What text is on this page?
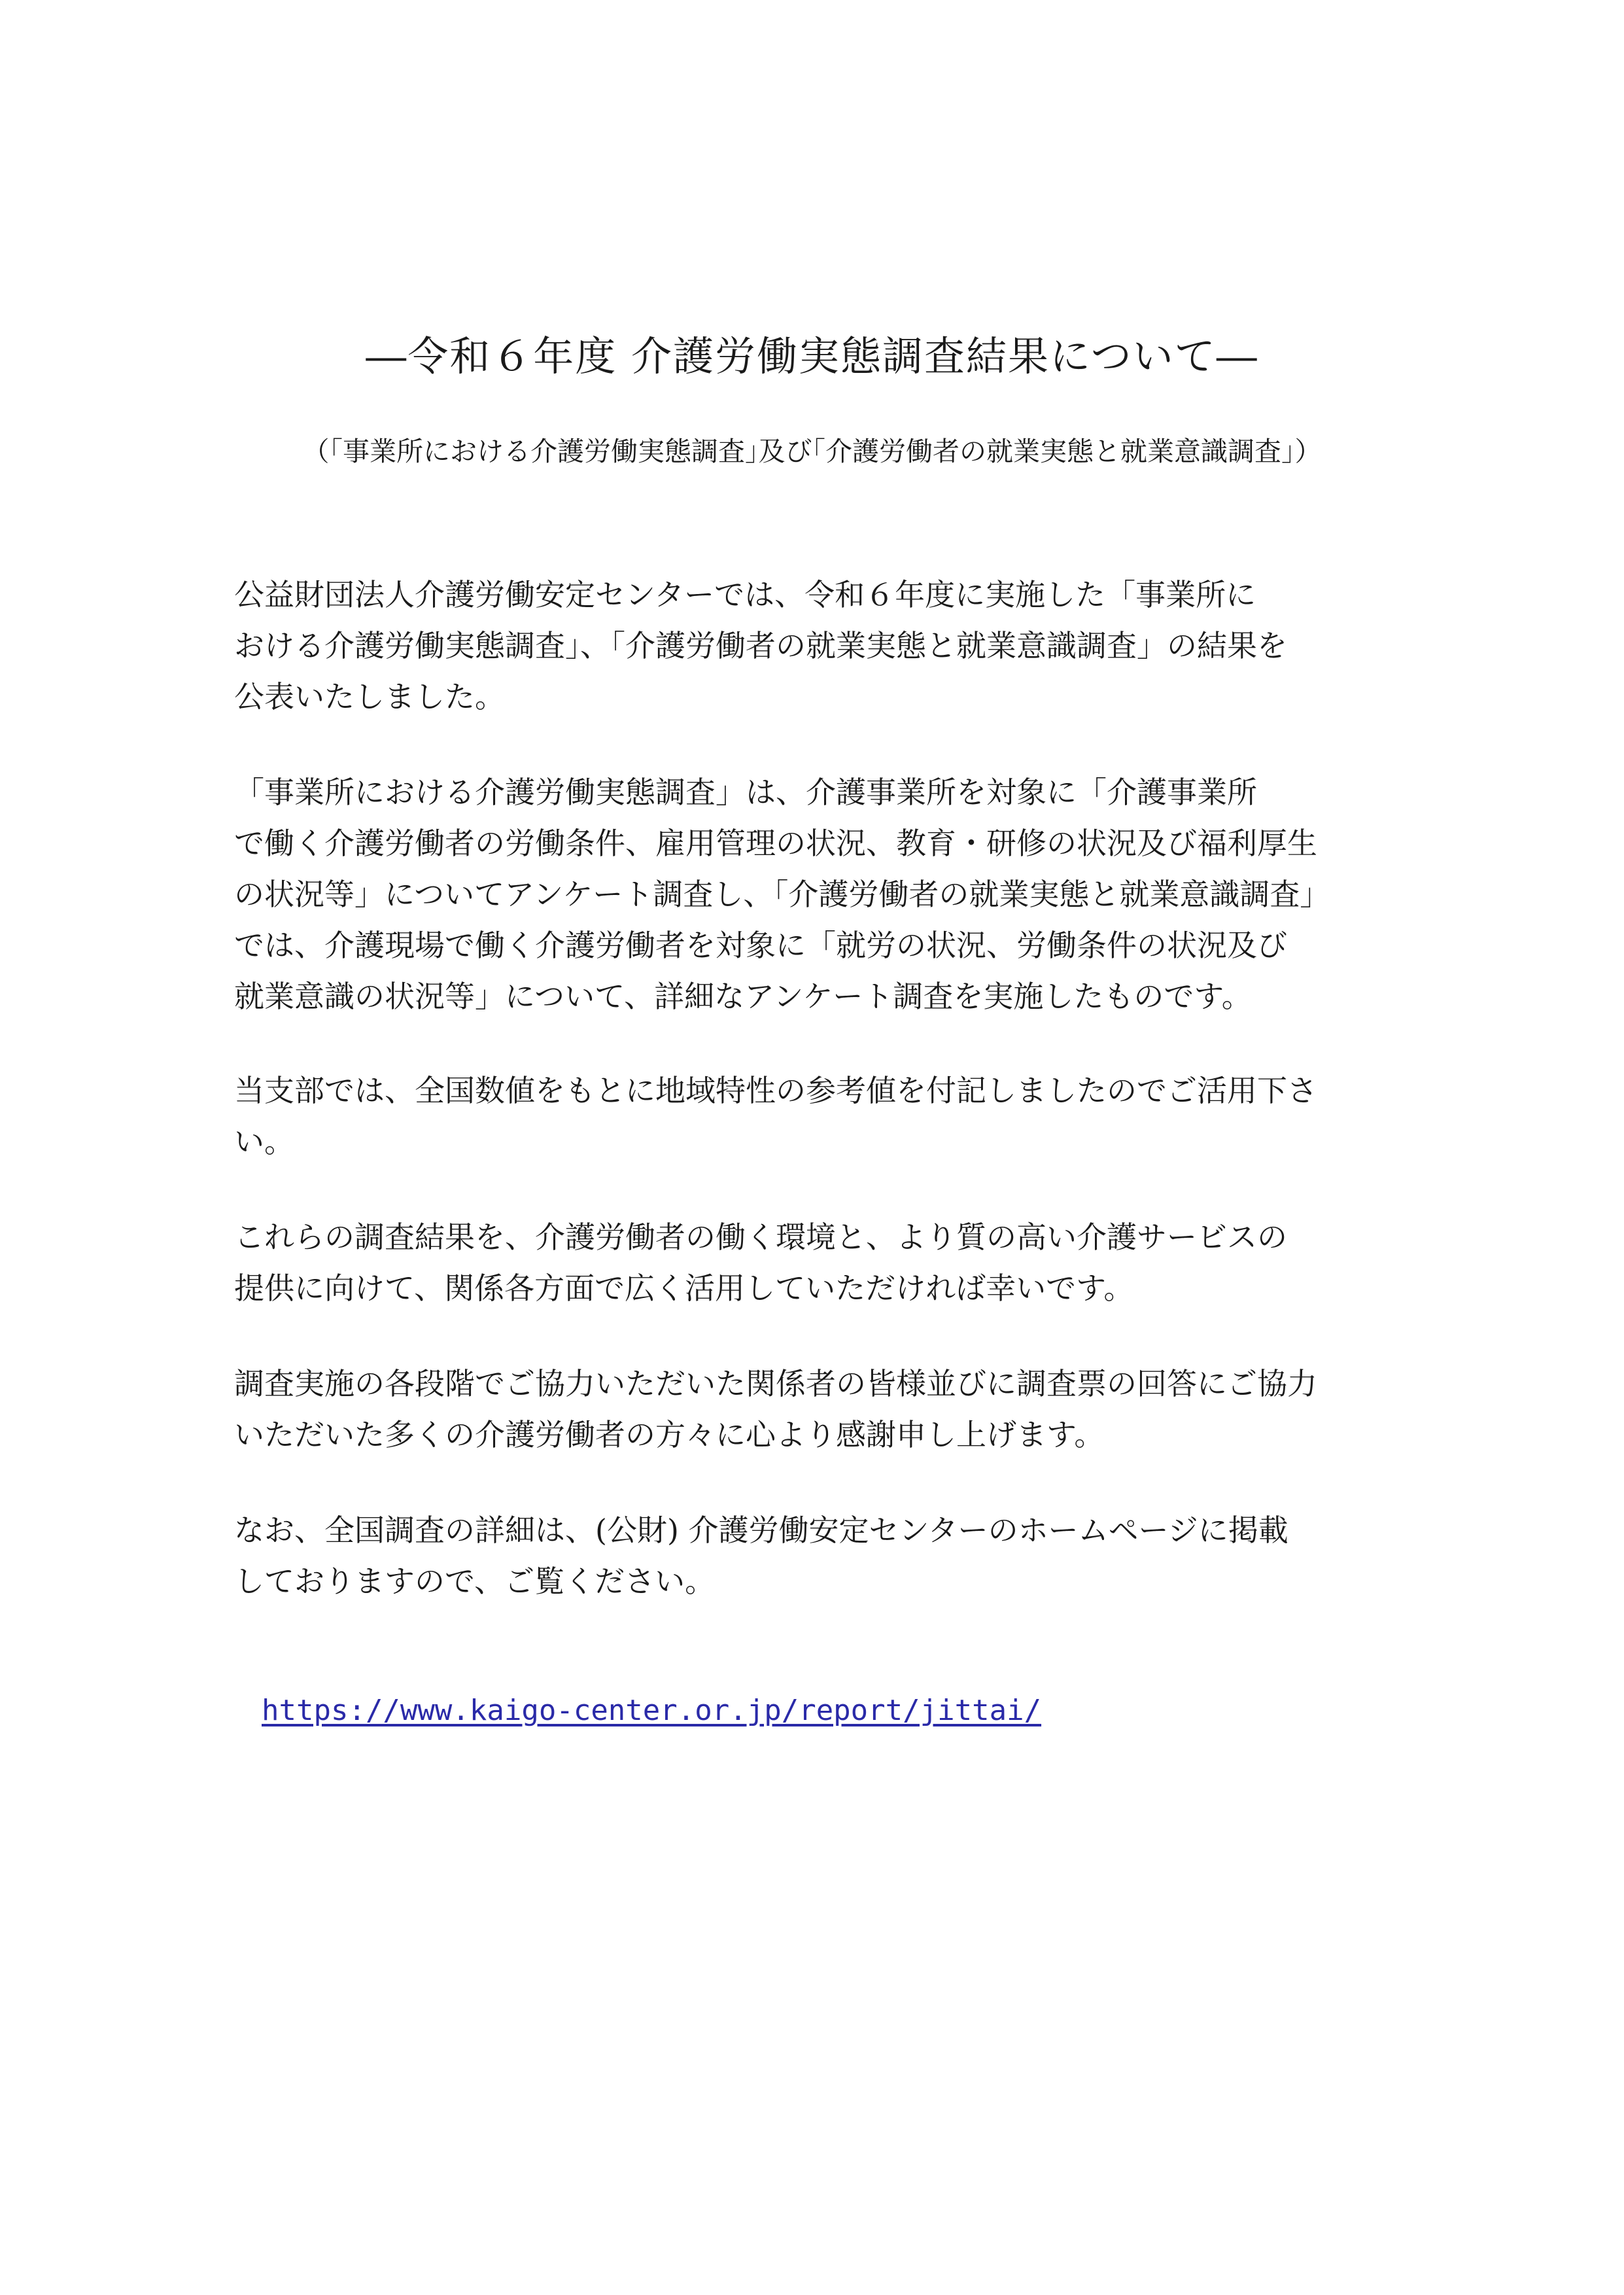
―令和６年度 介護労働実態調査結果について―
（｢事業所における介護労働実態調査｣及び｢介護労働者の就業実態と就業意識調査｣）
公益財団法人介護労働安定センターでは、令和６年度に実施した「事業所に
おける介護労働実態調査｣、｢介護労働者の就業実態と就業意識調査」の結果を
公表いたしました。
「事業所における介護労働実態調査」は、介護事業所を対象に「介護事業所
で働く介護労働者の労働条件、雇用管理の状況、教育・研修の状況及び福利厚生
の状況等」についてアンケート調査し、｢介護労働者の就業実態と就業意識調査」
では、介護現場で働く介護労働者を対象に「就労の状況、労働条件の状況及び
就業意識の状況等」について、詳細なアンケート調査を実施したものです。
当支部では、全国数値をもとに地域特性の参考値を付記しましたのでご活用下さ
い。
これらの調査結果を、介護労働者の働く環境と、より質の高い介護サービスの
提供に向けて、関係各方面で広く活用していただければ幸いです。
調査実施の各段階でご協力いただいた関係者の皆様並びに調査票の回答にご協力
いただいた多くの介護労働者の方々に心より感謝申し上げます。
なお、全国調査の詳細は、(公財) 介護労働安定センターのホームページに掲載
しておりますので、ご覧ください。
https://www.kaigo-center.or.jp/report/jittai/
